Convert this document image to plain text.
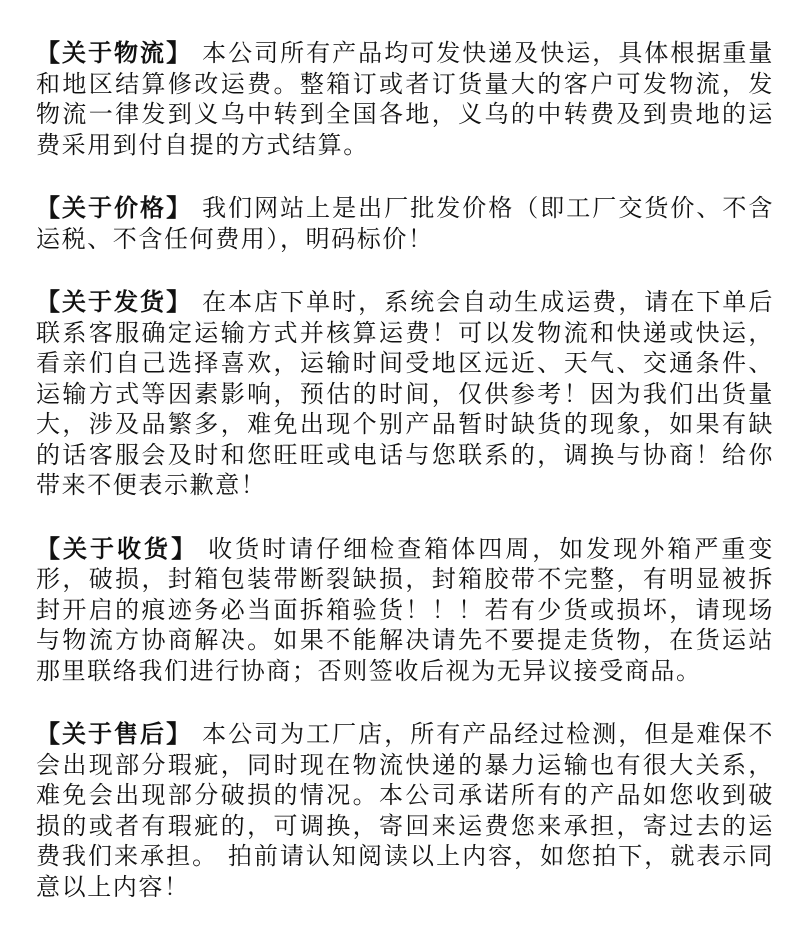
【关于物流】 本公司所有产品均可发快递及快运，具体根据重量和地区结算修改运费。整箱订或者订货量大的客户可发物流，发物流一律发到义乌中转到全国各地，义乌的中转费及到贵地的运费采用到付自提的方式结算。

【关于价格】 我们网站上是出厂批发价格（即工厂交货价、不含运税、不含任何费用），明码标价！

【关于发货】 在本店下单时，系统会自动生成运费，请在下单后联系客服确定运输方式并核算运费！可以发物流和快递或快运，看亲们自己选择喜欢，运输时间受地区远近、天气、交通条件、运输方式等因素影响，预估的时间，仅供参考！因为我们出货量大，涉及品繁多，难免出现个别产品暂时缺货的现象，如果有缺的话客服会及时和您旺旺或电话与您联系的，调换与协商！给你带来不便表示歉意！

【关于收货】 收货时请仔细检查箱体四周，如发现外箱严重变形，破损，封箱包装带断裂缺损，封箱胶带不完整，有明显被拆封开启的痕迹务必当面拆箱验货！！！若有少货或损坏，请现场与物流方协商解决。如果不能解决请先不要提走货物，在货运站那里联络我们进行协商；否则签收后视为无异议接受商品。

【关于售后】 本公司为工厂店，所有产品经过检测，但是难保不会出现部分瑕疵，同时现在物流快递的暴力运输也有很大关系，难免会出现部分破损的情况。本公司承诺所有的产品如您收到破损的或者有瑕疵的，可调换，寄回来运费您来承担，寄过去的运费我们来承担。 拍前请认知阅读以上内容，如您拍下，就表示同意以上内容！
